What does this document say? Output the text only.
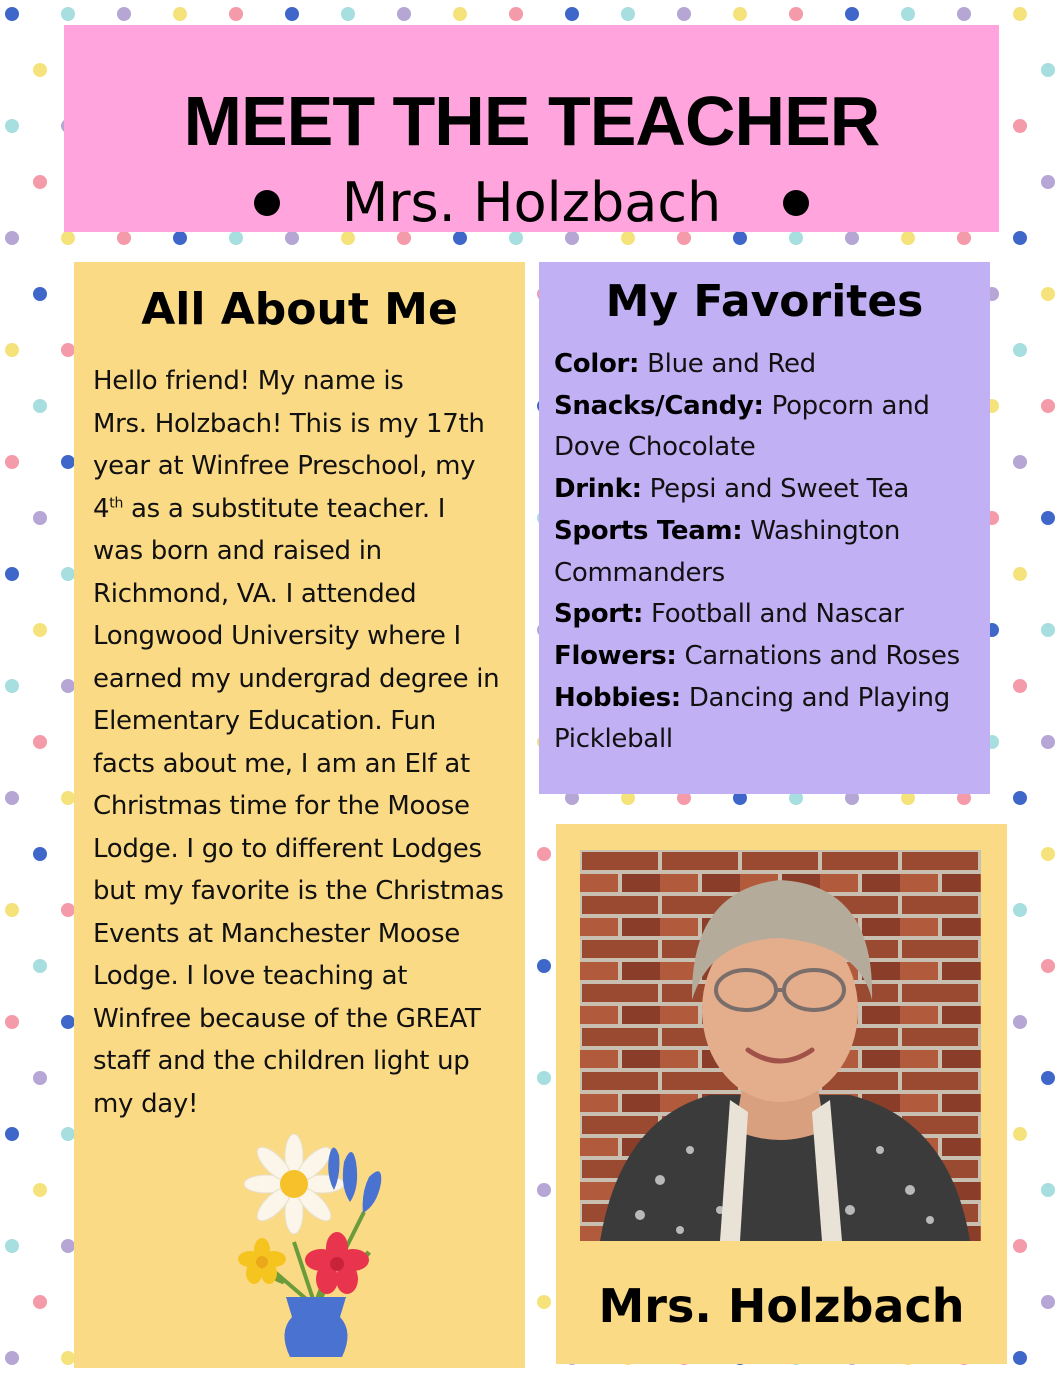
MEET THE TEACHER
Mrs. Holzbach
All About Me
Hello friend! My name is
Mrs. Holzbach! This is my 17th
year at Winfree Preschool, my
4th as a substitute teacher. I
was born and raised in
Richmond, VA. I attended
Longwood University where I
earned my undergrad degree in
Elementary Education. Fun
facts about me, I am an Elf at
Christmas time for the Moose
Lodge. I go to different Lodges
but my favorite is the Christmas
Events at Manchester Moose
Lodge. I love teaching at
Winfree because of the GREAT
staff and the children light up
my day!
My Favorites
Color: Blue and Red
Snacks/Candy: Popcorn and
Dove Chocolate
Drink: Pepsi and Sweet Tea
Sports Team: Washington
Commanders
Sport: Football and Nascar
Flowers: Carnations and Roses
Hobbies: Dancing and Playing
Pickleball

Mrs. Holzbach
